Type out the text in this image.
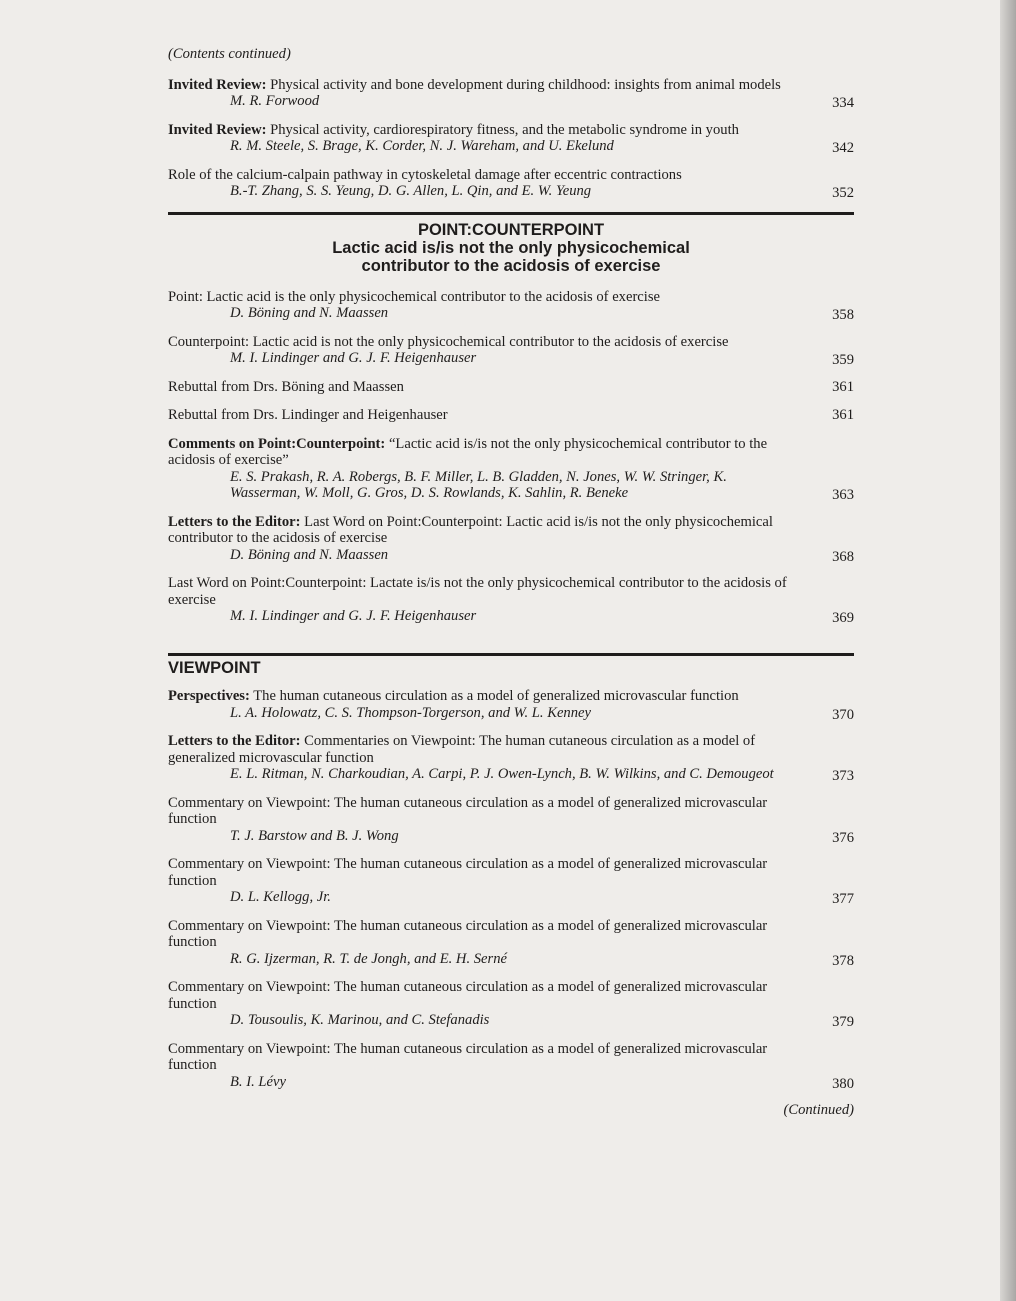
(Contents continued)
Invited Review: Physical activity and bone development during childhood: insights from animal models
M. R. Forwood	334
Invited Review: Physical activity, cardiorespiratory fitness, and the metabolic syndrome in youth
R. M. Steele, S. Brage, K. Corder, N. J. Wareham, and U. Ekelund	342
Role of the calcium-calpain pathway in cytoskeletal damage after eccentric contractions
B.-T. Zhang, S. S. Yeung, D. G. Allen, L. Qin, and E. W. Yeung	352
POINT:COUNTERPOINT
Lactic acid is/is not the only physicochemical
contributor to the acidosis of exercise
Point: Lactic acid is the only physicochemical contributor to the acidosis of exercise
D. Böning and N. Maassen	358
Counterpoint: Lactic acid is not the only physicochemical contributor to the acidosis of exercise
M. I. Lindinger and G. J. F. Heigenhauser	359
Rebuttal from Drs. Böning and Maassen	361
Rebuttal from Drs. Lindinger and Heigenhauser	361
Comments on Point:Counterpoint: “Lactic acid is/is not the only physicochemical contributor to the acidosis of exercise”
E. S. Prakash, R. A. Robergs, B. F. Miller, L. B. Gladden, N. Jones, W. W. Stringer, K. Wasserman, W. Moll, G. Gros, D. S. Rowlands, K. Sahlin, R. Beneke	363
Letters to the Editor: Last Word on Point:Counterpoint: Lactic acid is/is not the only physicochemical contributor to the acidosis of exercise
D. Böning and N. Maassen	368
Last Word on Point:Counterpoint: Lactate is/is not the only physicochemical contributor to the acidosis of exercise
M. I. Lindinger and G. J. F. Heigenhauser	369
VIEWPOINT
Perspectives: The human cutaneous circulation as a model of generalized microvascular function
L. A. Holowatz, C. S. Thompson-Torgerson, and W. L. Kenney	370
Letters to the Editor: Commentaries on Viewpoint: The human cutaneous circulation as a model of generalized microvascular function
E. L. Ritman, N. Charkoudian, A. Carpi, P. J. Owen-Lynch, B. W. Wilkins, and C. Demougeot	373
Commentary on Viewpoint: The human cutaneous circulation as a model of generalized microvascular function
T. J. Barstow and B. J. Wong	376
Commentary on Viewpoint: The human cutaneous circulation as a model of generalized microvascular function
D. L. Kellogg, Jr.	377
Commentary on Viewpoint: The human cutaneous circulation as a model of generalized microvascular function
R. G. Ijzerman, R. T. de Jongh, and E. H. Serné	378
Commentary on Viewpoint: The human cutaneous circulation as a model of generalized microvascular function
D. Tousoulis, K. Marinou, and C. Stefanadis	379
Commentary on Viewpoint: The human cutaneous circulation as a model of generalized microvascular function
B. I. Lévy	380
(Continued)
